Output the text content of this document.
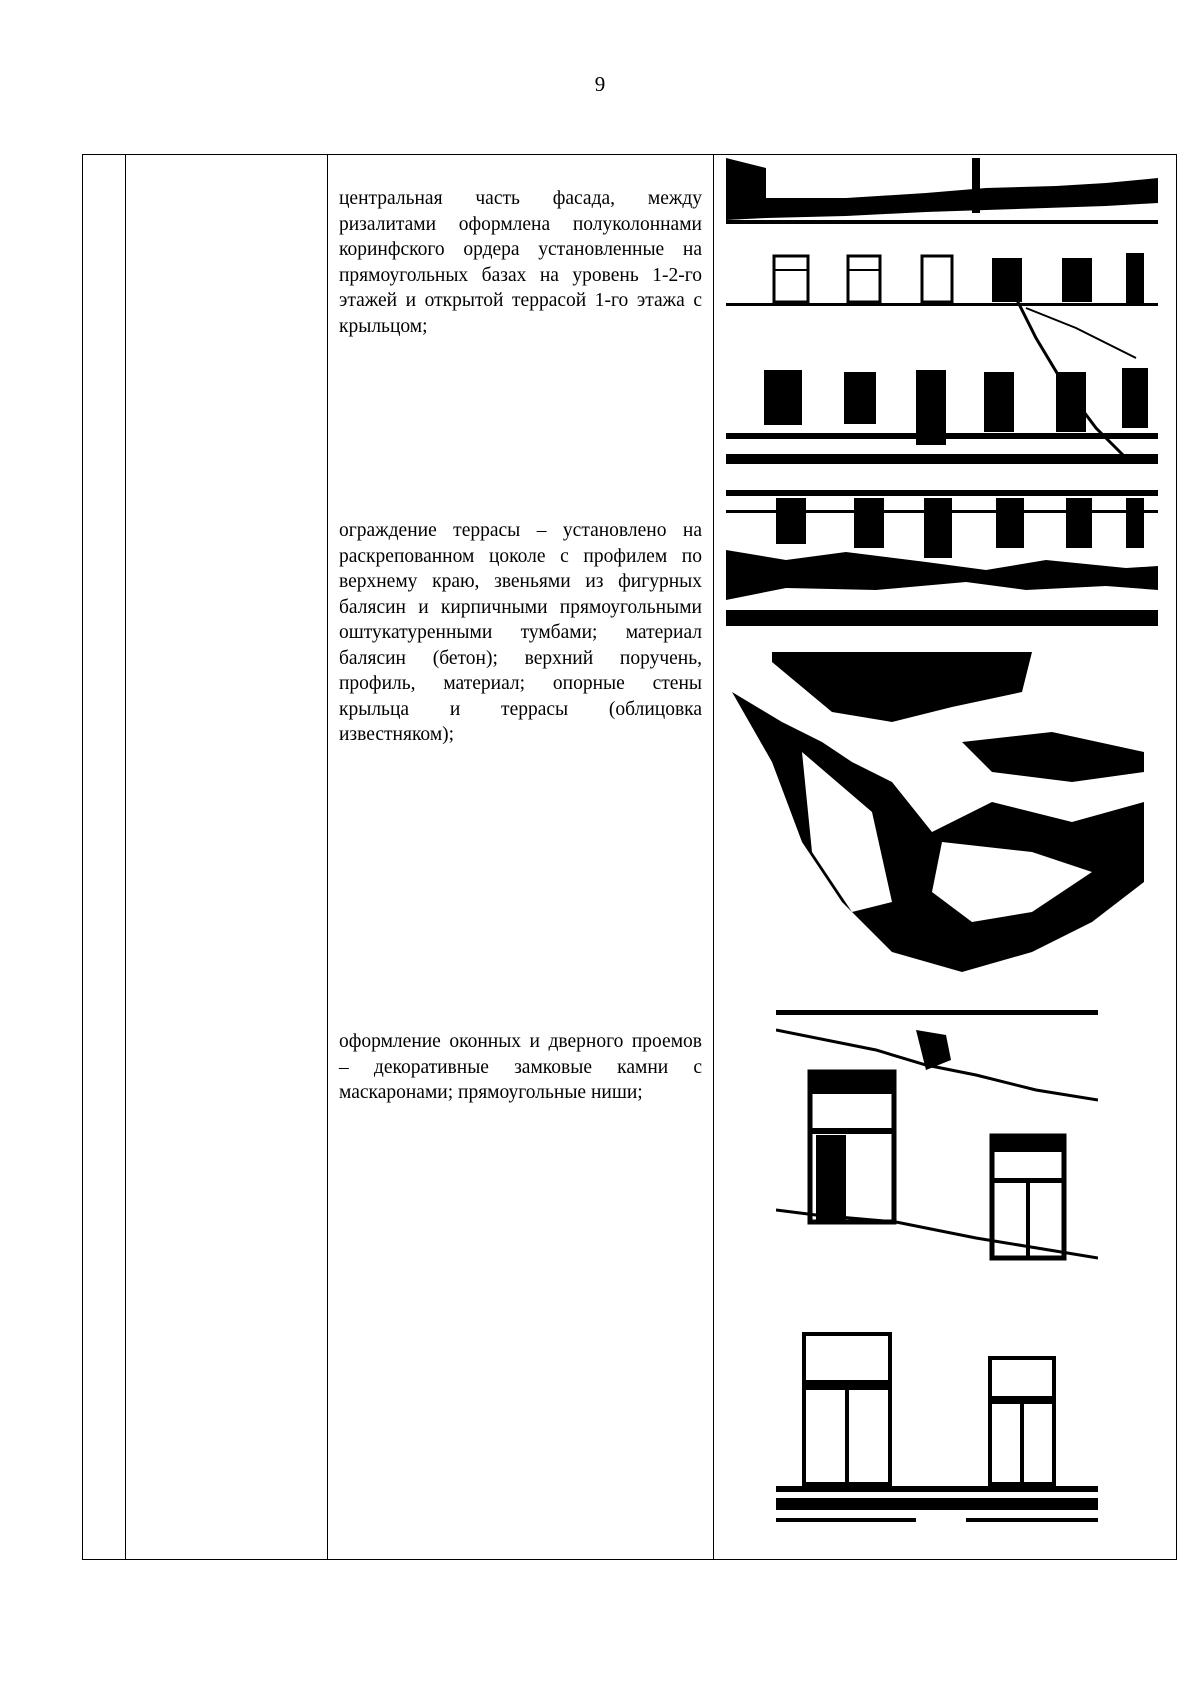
9
центральная часть фасада, между ризалитами оформлена полуколоннами коринфского ордера установленные на прямоугольных базах на уровень 1-2-го этажей и открытой террасой 1-го этажа с крыльцом;
ограждение террасы – установлено на раскрепованном цоколе с профилем по верхнему краю, звеньями из фигурных балясин и кирпичными прямоугольными оштукатуренными тумбами; материал балясин (бетон); верхний поручень, профиль, материал; опорные стены крыльца и террасы (облицовка известняком);
оформление оконных и дверного проемов – декоративные замковые камни с маскаронами; прямоугольные ниши;
